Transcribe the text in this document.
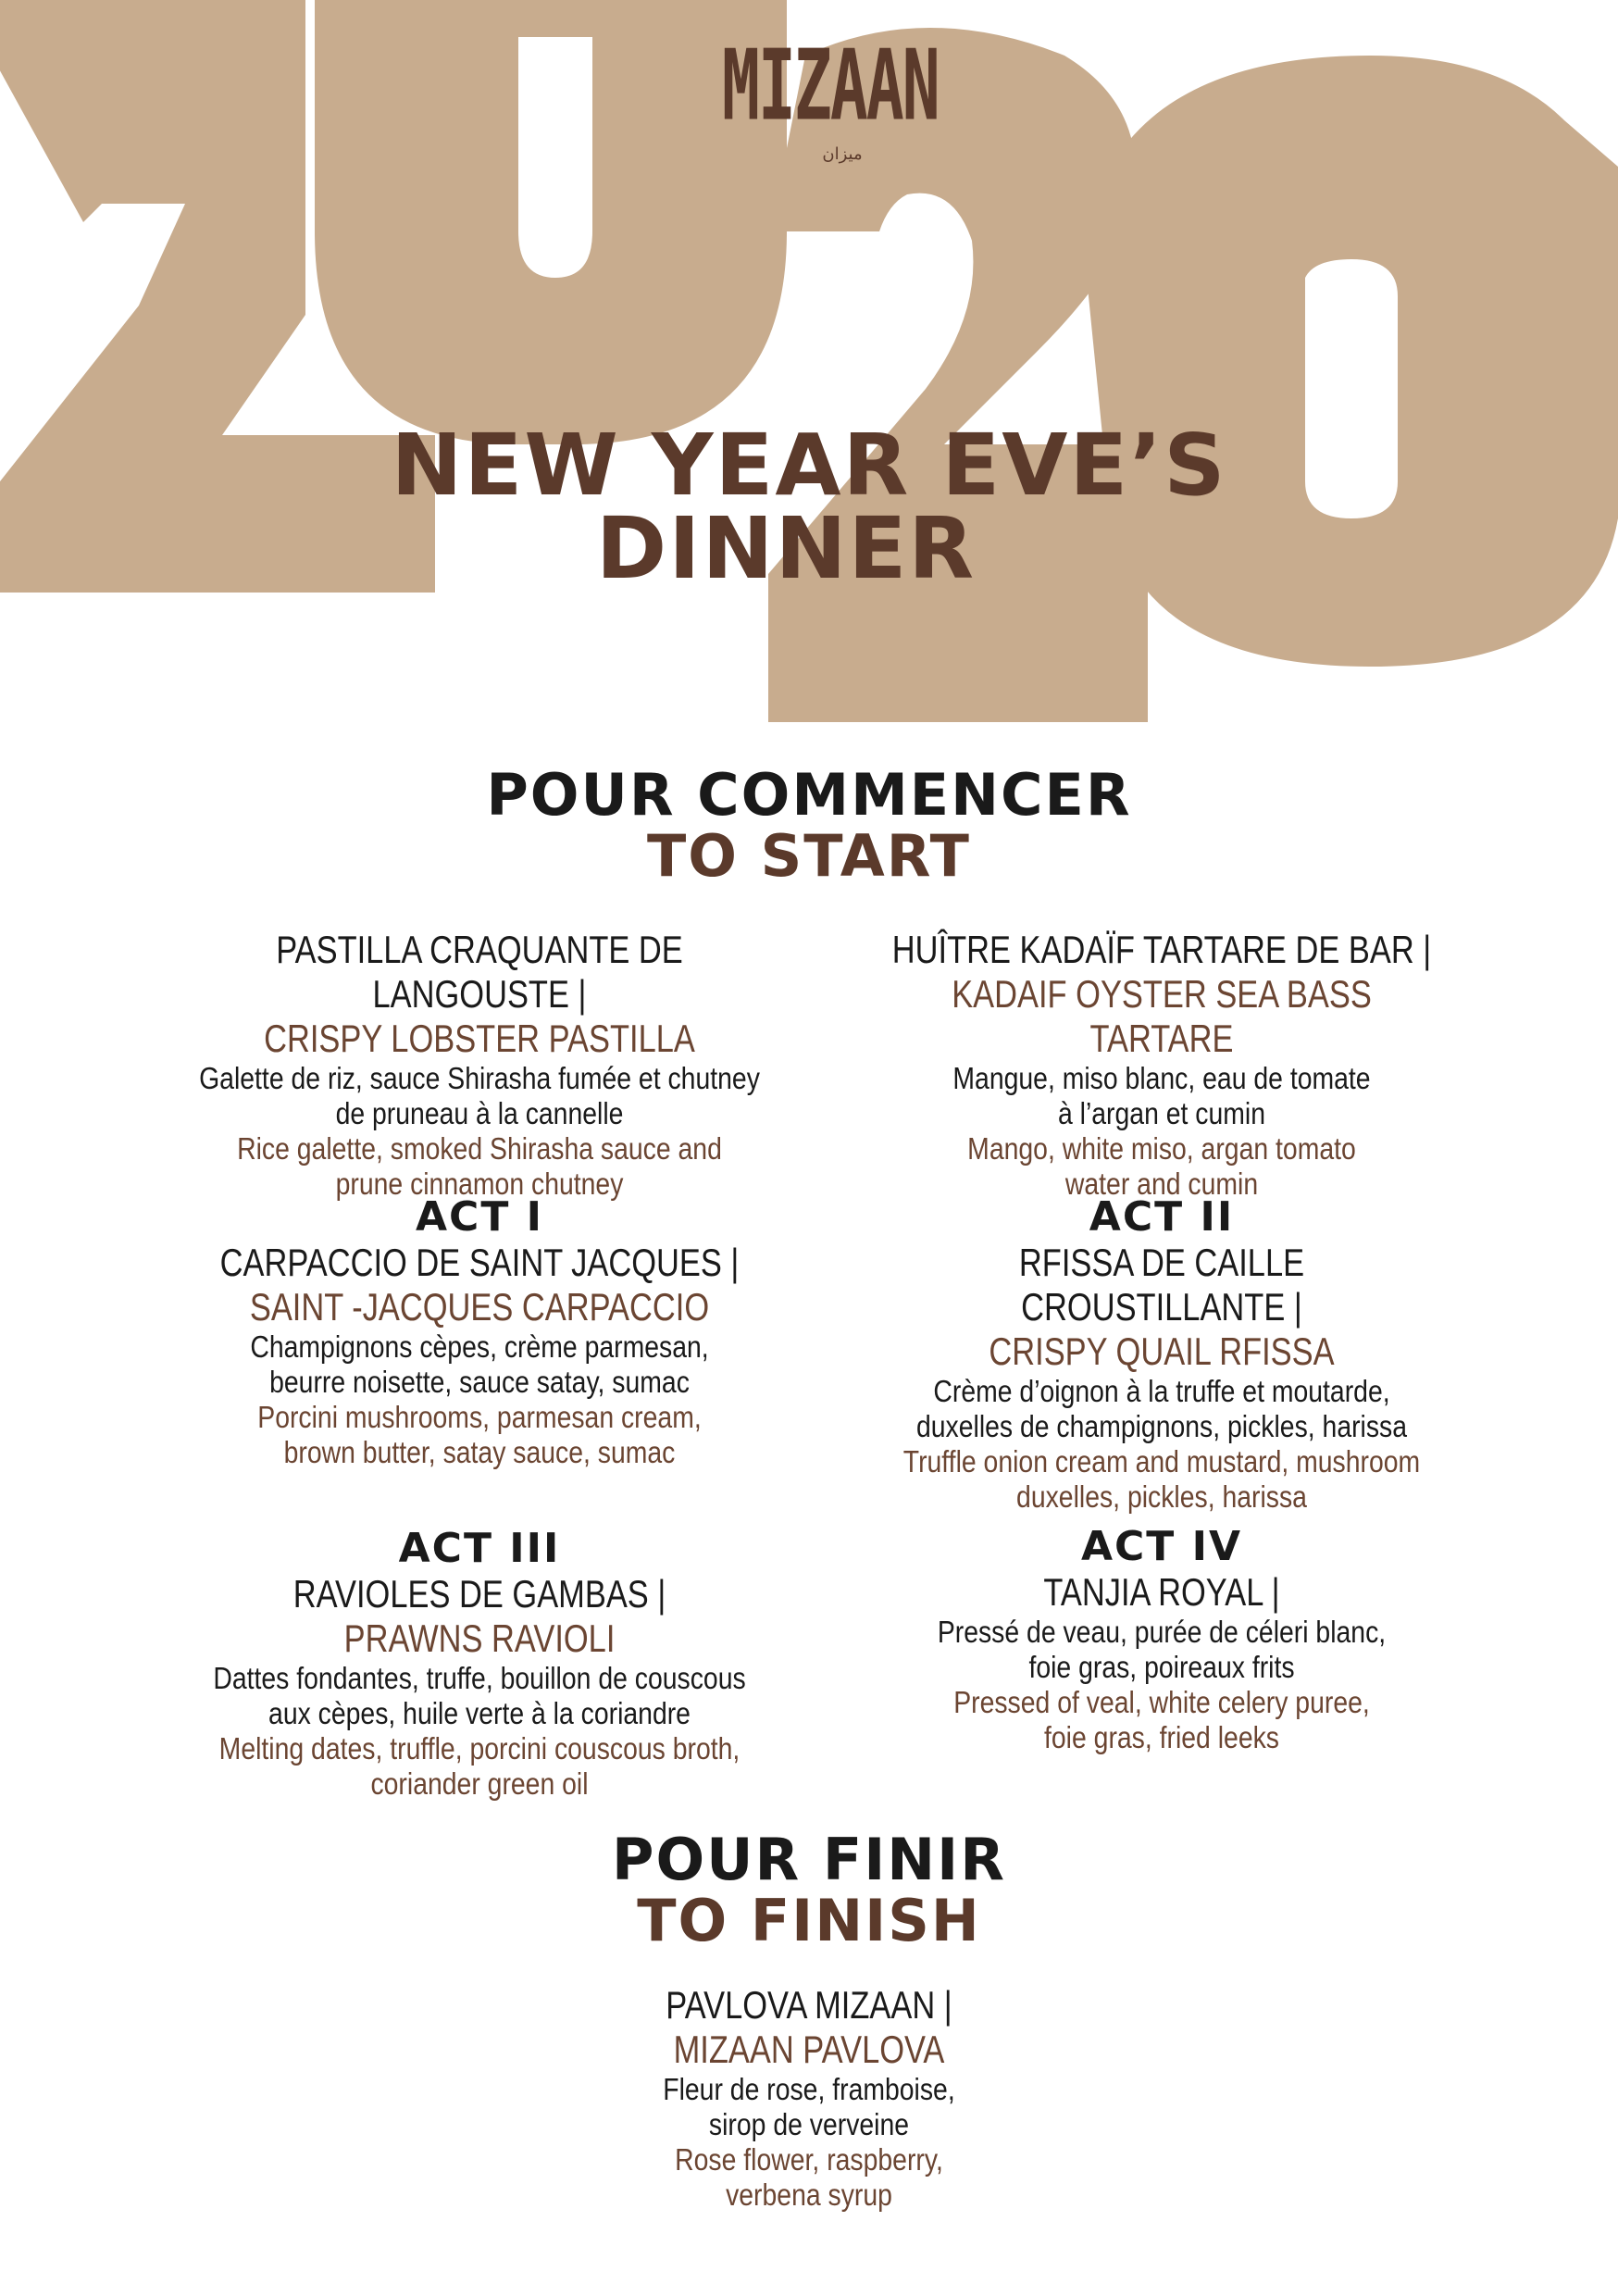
MIZAAN
ميزان
NEW YEAR EVE’S
DINNER
POUR COMMENCER
TO START
PASTILLA CRAQUANTE DE LANGOUSTE |
CRISPY LOBSTER PASTILLA
Galette de riz, sauce Shirasha fumée et chutney
de pruneau à la cannelle
Rice galette, smoked Shirasha sauce and
prune cinnamon chutney
HUÎTRE KADAÏF TARTARE DE BAR |
KADAIF OYSTER SEA BASS TARTARE
Mangue, miso blanc, eau de tomate
à l’argan et cumin
Mango, white miso, argan tomato
water and cumin
ACT I
CARPACCIO DE SAINT JACQUES |
SAINT -JACQUES CARPACCIO
Champignons cèpes, crème parmesan,
beurre noisette, sauce satay, sumac
Porcini mushrooms, parmesan cream,
brown butter, satay sauce, sumac
ACT II
RFISSA DE CAILLE CROUSTILLANTE |
CRISPY QUAIL RFISSA
Crème d’oignon à la truffe et moutarde,
duxelles de champignons, pickles, harissa
Truffle onion cream and mustard, mushroom
duxelles, pickles, harissa
ACT III
RAVIOLES DE GAMBAS |
PRAWNS RAVIOLI
Dattes fondantes, truffe, bouillon de couscous
aux cèpes, huile verte à la coriandre
Melting dates, truffle, porcini couscous broth,
coriander green oil
ACT IV
TANJIA ROYAL |
Pressé de veau, purée de céleri blanc,
foie gras, poireaux frits
Pressed of veal, white celery puree,
foie gras, fried leeks
POUR FINIR
TO FINISH
PAVLOVA MIZAAN |
MIZAAN PAVLOVA
Fleur de rose, framboise,
sirop de verveine
Rose flower, raspberry,
verbena syrup
